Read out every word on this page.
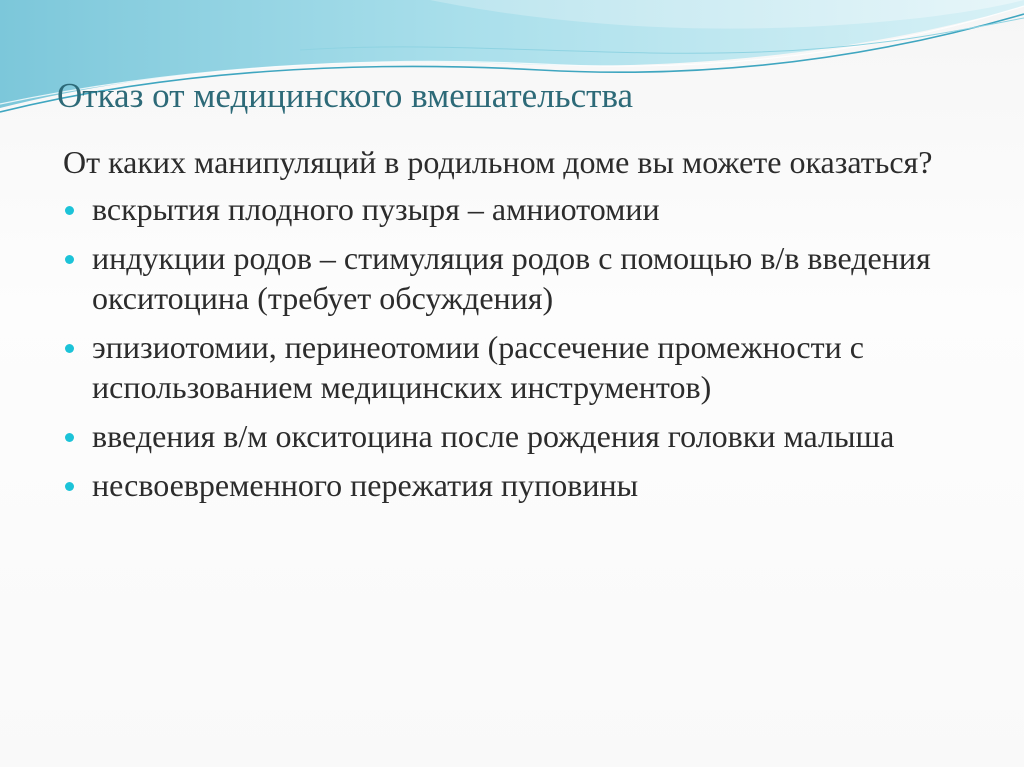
Отказ от медицинского вмешательства

От каких манипуляций в родильном доме вы можете оказаться?

вскрытия плодного пузыря – амниотомии
индукции родов – стимуляция родов с помощью в/в введения окситоцина (требует обсуждения)
эпизиотомии, перинеотомии (рассечение промежности с использованием медицинских инструментов)
введения в/м окситоцина после рождения головки малыша
несвоевременного пережатия пуповины
